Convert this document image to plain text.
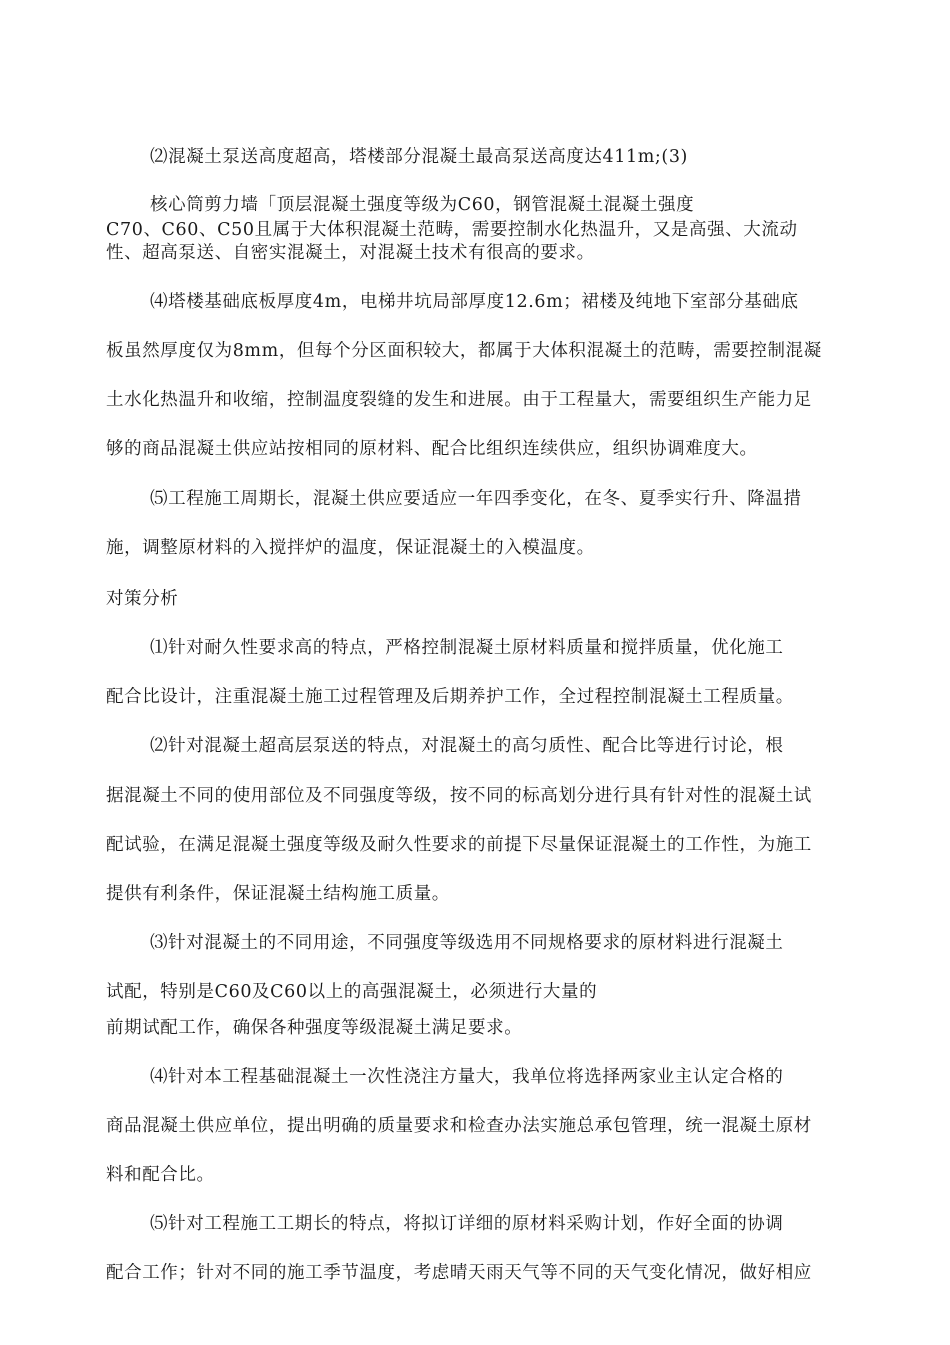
⑵混凝土泵送高度超高，塔楼部分混凝土最高泵送高度达411m;(3)
核心筒剪力墙「顶层混凝土强度等级为C60，钢管混凝土混凝土强度
C70、C60、C50且属于大体积混凝土范畴，需要控制水化热温升，又是高强、大流动
性、超高泵送、自密实混凝土，对混凝土技术有很高的要求。
⑷塔楼基础底板厚度4m，电梯井坑局部厚度12.6m；裙楼及纯地下室部分基础底
板虽然厚度仅为8mm，但每个分区面积较大，都属于大体积混凝土的范畴，需要控制混凝
土水化热温升和收缩，控制温度裂缝的发生和进展。由于工程量大，需要组织生产能力足
够的商品混凝土供应站按相同的原材料、配合比组织连续供应，组织协调难度大。
⑸工程施工周期长，混凝土供应要适应一年四季变化，在冬、夏季实行升、降温措
施，调整原材料的入搅拌炉的温度，保证混凝土的入模温度。
对策分析
⑴针对耐久性要求高的特点，严格控制混凝土原材料质量和搅拌质量，优化施工
配合比设计，注重混凝土施工过程管理及后期养护工作，全过程控制混凝土工程质量。
⑵针对混凝土超高层泵送的特点，对混凝土的高匀质性、配合比等进行讨论，根
据混凝土不同的使用部位及不同强度等级，按不同的标高划分进行具有针对性的混凝土试
配试验，在满足混凝土强度等级及耐久性要求的前提下尽量保证混凝土的工作性，为施工
提供有利条件，保证混凝土结构施工质量。
⑶针对混凝土的不同用途，不同强度等级选用不同规格要求的原材料进行混凝土
试配，特别是C60及C60以上的高强混凝土，必须进行大量的
前期试配工作，确保各种强度等级混凝土满足要求。
⑷针对本工程基础混凝土一次性浇注方量大，我单位将选择两家业主认定合格的
商品混凝土供应单位，提出明确的质量要求和检查办法实施总承包管理，统一混凝土原材
料和配合比。
⑸针对工程施工工期长的特点，将拟订详细的原材料采购计划，作好全面的协调
配合工作；针对不同的施工季节温度，考虑晴天雨天气等不同的天气变化情况，做好相应
